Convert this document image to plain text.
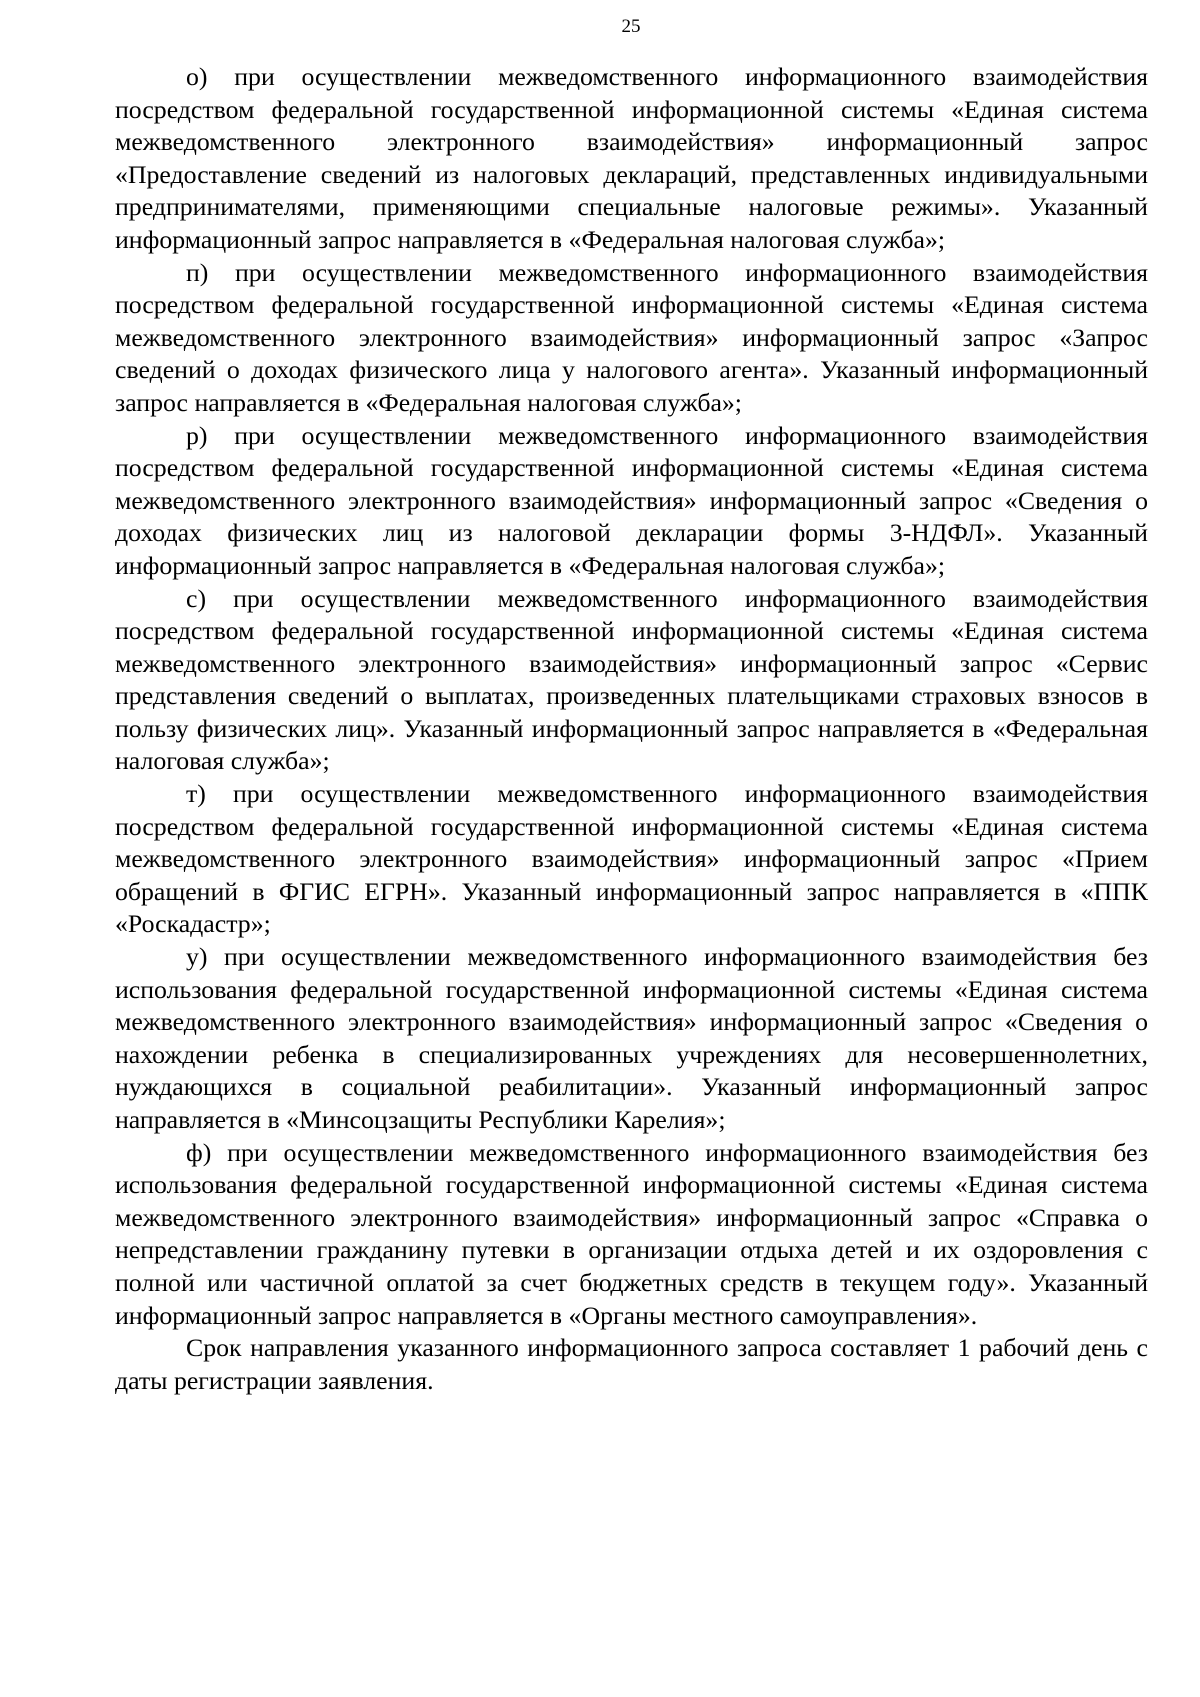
25

о) при осуществлении межведомственного информационного взаимодействия посредством федеральной государственной информационной системы «Единая система межведомственного электронного взаимодействия» информационный запрос «Предоставление сведений из налоговых деклараций, представленных индивидуальными предпринимателями, применяющими специальные налоговые режимы». Указанный информационный запрос направляется в «Федеральная налоговая служба»;

п) при осуществлении межведомственного информационного взаимодействия посредством федеральной государственной информационной системы «Единая система межведомственного электронного взаимодействия» информационный запрос «Запрос сведений о доходах физического лица у налогового агента». Указанный информационный запрос направляется в «Федеральная налоговая служба»;

р) при осуществлении межведомственного информационного взаимодействия посредством федеральной государственной информационной системы «Единая система межведомственного электронного взаимодействия» информационный запрос «Сведения о доходах физических лиц из налоговой декларации формы 3-НДФЛ». Указанный информационный запрос направляется в «Федеральная налоговая служба»;

с) при осуществлении межведомственного информационного взаимодействия посредством федеральной государственной информационной системы «Единая система межведомственного электронного взаимодействия» информационный запрос «Сервис представления сведений о выплатах, произведенных плательщиками страховых взносов в пользу физических лиц». Указанный информационный запрос направляется в «Федеральная налоговая служба»;

т) при осуществлении межведомственного информационного взаимодействия посредством федеральной государственной информационной системы «Единая система межведомственного электронного взаимодействия» информационный запрос «Прием обращений в ФГИС ЕГРН». Указанный информационный запрос направляется в «ППК «Роскадастр»;

у) при осуществлении межведомственного информационного взаимодействия без использования федеральной государственной информационной системы «Единая система межведомственного электронного взаимодействия» информационный запрос «Сведения о нахождении ребенка в специализированных учреждениях для несовершеннолетних, нуждающихся в социальной реабилитации». Указанный информационный запрос направляется в «Минсоцзащиты Республики Карелия»;

ф) при осуществлении межведомственного информационного взаимодействия без использования федеральной государственной информационной системы «Единая система межведомственного электронного взаимодействия» информационный запрос «Справка о непредставлении гражданину путевки в организации отдыха детей и их оздоровления с полной или частичной оплатой за счет бюджетных средств в текущем году». Указанный информационный запрос направляется в «Органы местного самоуправления».

Срок направления указанного информационного запроса составляет 1 рабочий день с даты регистрации заявления.
